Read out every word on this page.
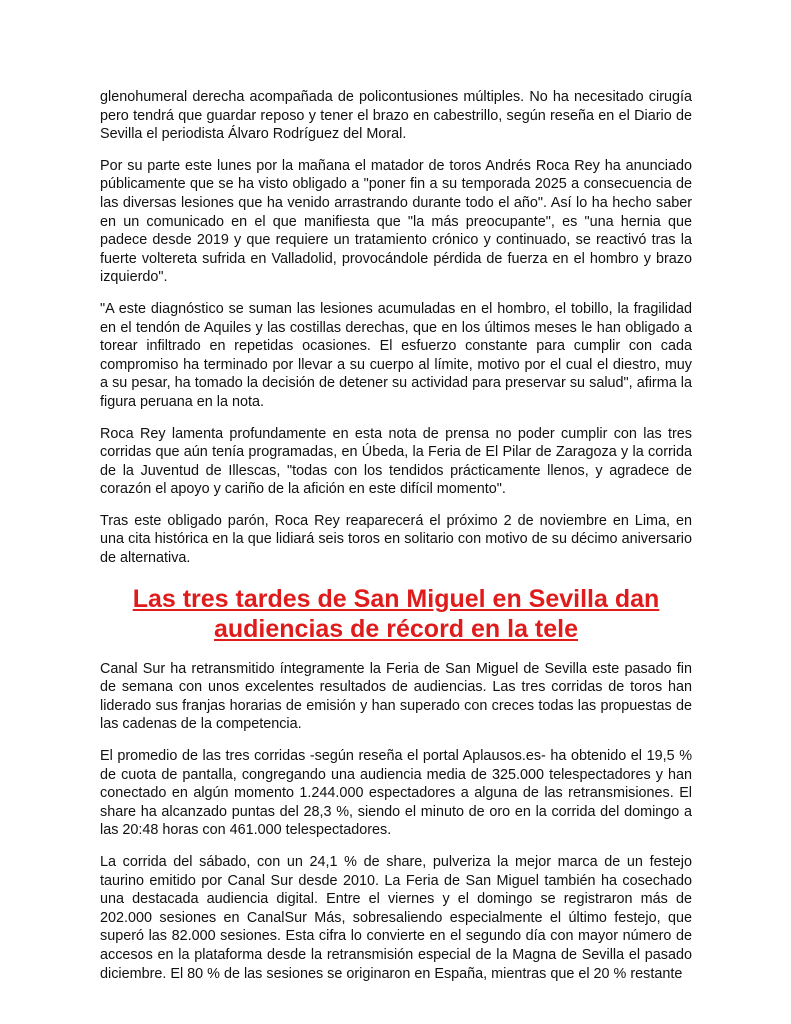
glenohumeral derecha acompañada de policontusiones múltiples. No ha necesitado cirugía pero tendrá que guardar reposo y tener el brazo en cabestrillo, según reseña en el Diario de Sevilla el periodista Álvaro Rodríguez del Moral.

Por su parte este lunes por la mañana el matador de toros Andrés Roca Rey ha anunciado públicamente que se ha visto obligado a "poner fin a su temporada 2025 a consecuencia de las diversas lesiones que ha venido arrastrando durante todo el año". Así lo ha hecho saber en un comunicado en el que manifiesta que "la más preocupante", es "una hernia que padece desde 2019 y que requiere un tratamiento crónico y continuado, se reactivó tras la fuerte voltereta sufrida en Valladolid, provocándole pérdida de fuerza en el hombro y brazo izquierdo".

"A este diagnóstico se suman las lesiones acumuladas en el hombro, el tobillo, la fragilidad en el tendón de Aquiles y las costillas derechas, que en los últimos meses le han obligado a torear infiltrado en repetidas ocasiones. El esfuerzo constante para cumplir con cada compromiso ha terminado por llevar a su cuerpo al límite, motivo por el cual el diestro, muy a su pesar, ha tomado la decisión de detener su actividad para preservar su salud", afirma la figura peruana en la nota.

Roca Rey lamenta profundamente en esta nota de prensa no poder cumplir con las tres corridas que aún tenía programadas, en Úbeda, la Feria de El Pilar de Zaragoza y la corrida de la Juventud de Illescas, "todas con los tendidos prácticamente llenos, y agradece de corazón el apoyo y cariño de la afición en este difícil momento".

Tras este obligado parón, Roca Rey reaparecerá el próximo 2 de noviembre en Lima, en una cita histórica en la que lidiará seis toros en solitario con motivo de su décimo aniversario de alternativa.

Las tres tardes de San Miguel en Sevilla dan audiencias de récord en la tele

Canal Sur ha retransmitido íntegramente la Feria de San Miguel de Sevilla este pasado fin de semana con unos excelentes resultados de audiencias. Las tres corridas de toros han liderado sus franjas horarias de emisión y han superado con creces todas las propuestas de las cadenas de la competencia.

El promedio de las tres corridas -según reseña el portal Aplausos.es- ha obtenido el 19,5 % de cuota de pantalla, congregando una audiencia media de 325.000 telespectadores y han conectado en algún momento 1.244.000 espectadores a alguna de las retransmisiones. El share ha alcanzado puntas del 28,3 %, siendo el minuto de oro en la corrida del domingo a las 20:48 horas con 461.000 telespectadores.

La corrida del sábado, con un 24,1 % de share, pulveriza la mejor marca de un festejo taurino emitido por Canal Sur desde 2010. La Feria de San Miguel también ha cosechado una destacada audiencia digital. Entre el viernes y el domingo se registraron más de 202.000 sesiones en CanalSur Más, sobresaliendo especialmente el último festejo, que superó las 82.000 sesiones. Esta cifra lo convierte en el segundo día con mayor número de accesos en la plataforma desde la retransmisión especial de la Magna de Sevilla el pasado diciembre. El 80 % de las sesiones se originaron en España, mientras que el 20 % restante
